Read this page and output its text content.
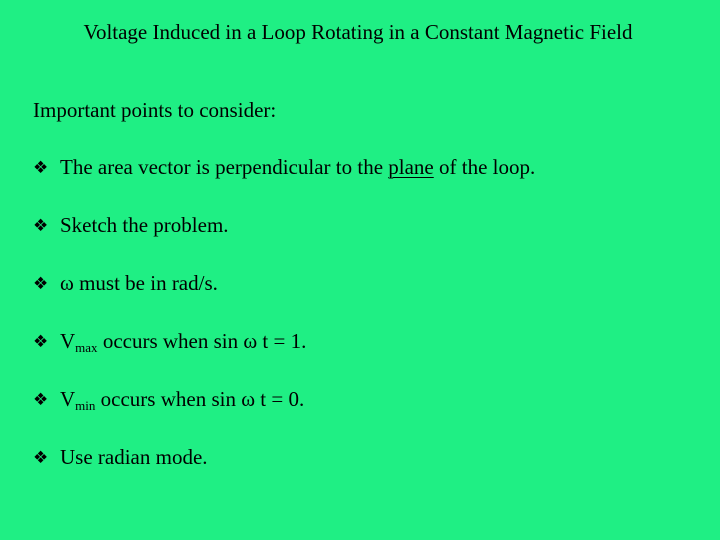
Voltage Induced in a Loop Rotating in a Constant Magnetic Field
Important points to consider:
❖ The area vector is perpendicular to the plane of the loop.
❖ Sketch the problem.
❖ ω must be in rad/s.
❖ $V_{max}$ occurs when sin ω t = 1.
❖ $V_{min}$ occurs when sin ω t = 0.
❖ Use radian mode.
